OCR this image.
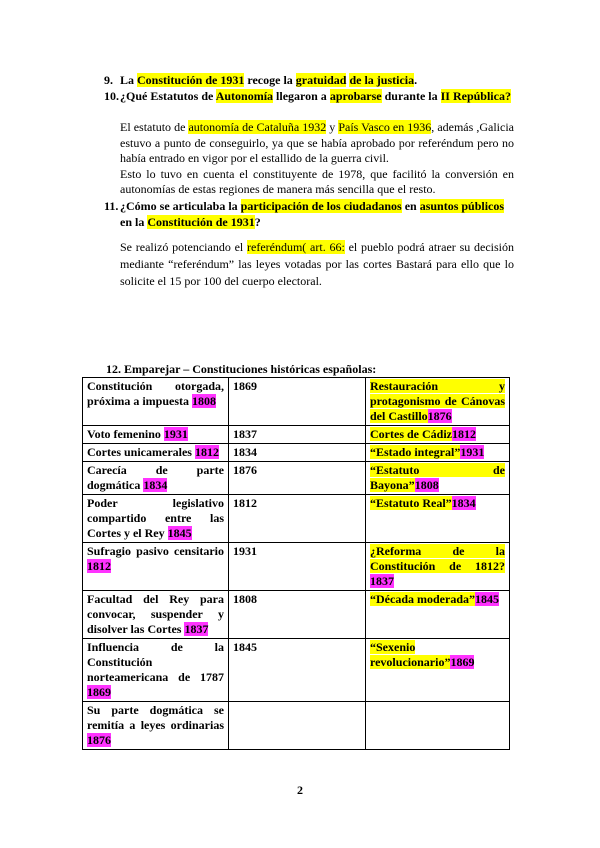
9. La Constitución de 1931 recoge la gratuidad de la justicia.
10. ¿Qué Estatutos de Autonomía llegaron a aprobarse durante la II República?

El estatuto de autonomía de Cataluña 1932 y País Vasco en 1936, además ,Galicia estuvo a punto de conseguirlo, ya que se había aprobado por referéndum pero no había entrado en vigor por el estallido de la guerra civil.

Esto lo tuvo en cuenta el constituyente de 1978, que facilitó la conversión en autonomías de estas regiones de manera más sencilla que el resto.

11. ¿Cómo se articulaba la participación de los ciudadanos en asuntos públicos
en la Constitución de 1931?

Se realizó potenciando el referéndum( art. 66: el pueblo podrá atraer su decisión mediante “referéndum” las leyes votadas por las cortes Bastará para ello que lo solicite el 15 por 100 del cuerpo electoral.

12. Emparejar – Constituciones históricas españolas:
Constitución otorgada, próxima a impuesta 1808	1869	Restauración y protagonismo de Cánovas del Castillo1876

Voto femenino 1931	1837	Cortes de Cádiz1812

Cortes unicamerales 1812	1834	“Estado integral”1931

Carecía de parte dogmática 1834	1876	“Estatuto de Bayona”1808

Poder legislativo compartido entre las Cortes y el Rey 1845	1812	“Estatuto Real”1834

Sufragio pasivo censitario 1812	1931	¿Reforma de la Constitución de 1812?1837

Facultad del Rey para convocar, suspender y disolver las Cortes 1837	1808	“Década moderada”1845

Influencia de la Constitución norteamericana de 1787 1869	1845	“Sexenio revolucionario”1869

Su parte dogmática se remitía a leyes ordinarias 1876		

2
